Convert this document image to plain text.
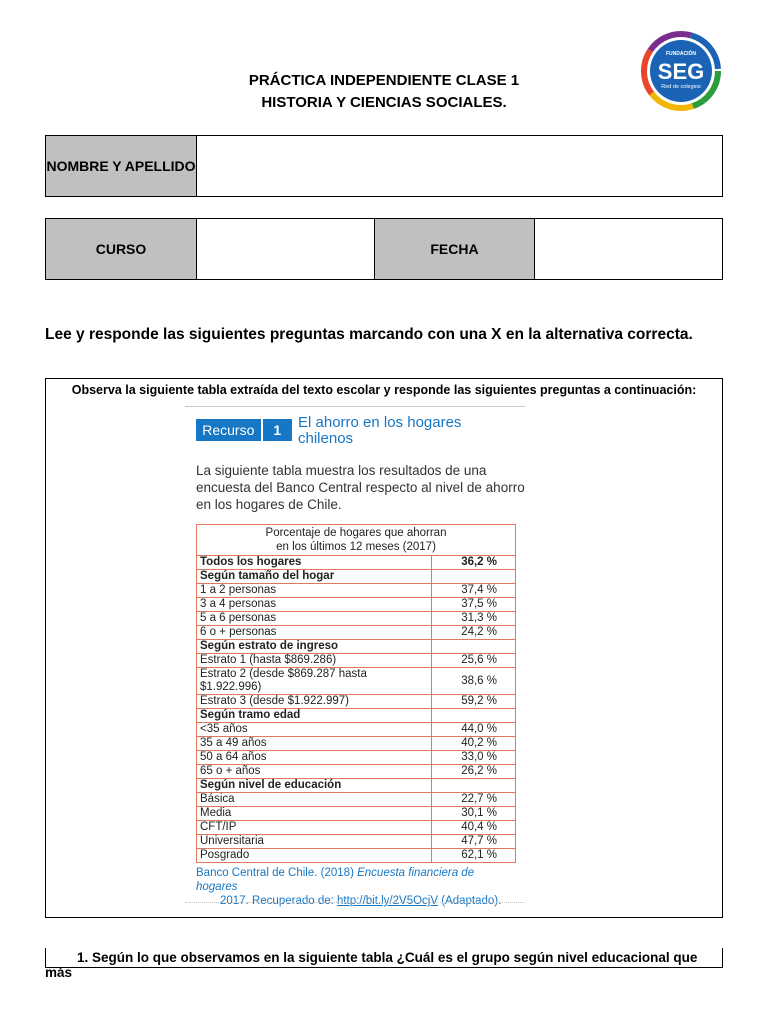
PRÁCTICA INDEPENDIENTE CLASE 1
HISTORIA Y CIENCIAS SOCIALES.
FUNDACIÓN
SEG
Red de colegios
NOMBRE Y APELLIDO
CURSO	FECHA
Lee y responde las siguientes preguntas marcando con una X en la alternativa correcta.
Observa la siguiente tabla extraída del texto escolar y responde las siguientes preguntas a continuación:
Recurso	1	El ahorro en los hogares chilenos
La siguiente tabla muestra los resultados de una encuesta del Banco Central respecto al nivel de ahorro en los hogares de Chile.
Porcentaje de hogares que ahorran
en los últimos 12 meses (2017)	
Todos los hogares	36,2 %
Según tamaño del hogar	
1 a 2 personas	37,4 %
3 a 4 personas	37,5 %
5 a 6 personas	31,3 %
6 o + personas	24,2 %
Según estrato de ingreso	
Estrato 1 (hasta $869.286)	25,6 %
Estrato 2 (desde $869.287 hasta $1.922.996)	38,6 %
Estrato 3 (desde $1.922.997)	59,2 %
Según tramo edad	
<35 años	44,0 %
35 a 49 años	40,2 %
50 a 64 años	33,0 %
65 o + años	26,2 %
Según nivel de educación	
Básica	22,7 %
Media	30,1 %
CFT/IP	40,4 %
Universitaria	47,7 %
Posgrado	62,1 %
Banco Central de Chile. (2018) Encuesta financiera de hogares
2017. Recuperado de: http://bit.ly/2V5OcjV (Adaptado).
1. Según lo que observamos en la siguiente tabla ¿Cuál es el grupo según nivel educacional que más
